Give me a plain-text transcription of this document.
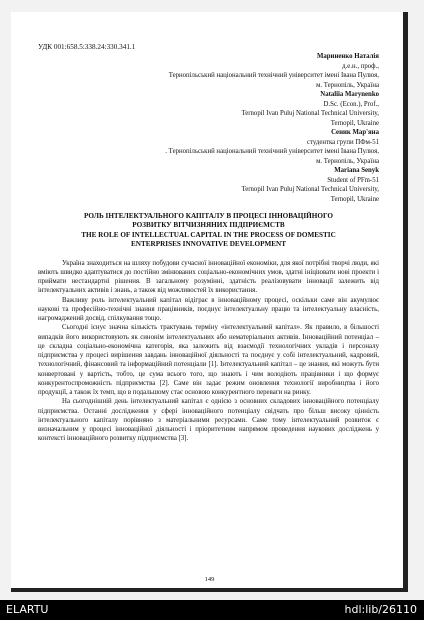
УДК 001:658.5:338.24:330.341.1
Мариненко Наталія
д.е.н., проф.,
Тернопільський національний технічний університет імені Івана Пулюя,
м. Тернопіль, Україна
Nataliia Marynenko
D.Sc. (Econ.), Prof.,
Ternopil Ivan Puluj National Technical University,
Ternopil, Ukraine
Сеник Мар'яна
студентка групи ПФм-51
. Тернопільський національний технічний університет імені Івана Пулюя,
м. Тернопіль, Україна
Mariana Senyk
Student of PFm-51
Ternopil Ivan Puluj National Technical University,
Ternopil, Ukraine
РОЛЬ ІНТЕЛЕКТУАЛЬНОГО КАПІТАЛУ В ПРОЦЕСІ ІННОВАЦІЙНОГО
РОЗВИТКУ ВІТЧИЗНЯНИХ ПІДПРИЄМСТВ
THE ROLE OF INTELLECTUAL CAPITAL IN THE PROCESS OF DOMESTIC
ENTERPRISES INNOVATIVE DEVELOPMENT

Україна знаходиться на шляху побудови сучасної інноваційної економіки, для якої потрібні творчі люди, які вміють швидко адаптуватися до постійно змінюваних соціально-економічних умов, здатні ініціювати нові проекти і приймати нестандартні рішення. В загальному розумінні, здатність реалізовувати інновації залежить від інтелектуальних активів і знань, а також від можливостей їх використання.

Важливу роль інтелектуальний капітал відіграє в інноваційному процесі, оскільки саме він акумулює наукові та професійно-технічні знання працівників, поєднує інтелектуальну працю та інтелектуальну власність, нагромаджений досвід, спілкування тощо.

Сьогодні існує значна кількість трактувань терміну «інтелектуальний капітал». Як правило, в більшості випадків його використовують як синонім інтелектуальних або нематеріальних активів. Інноваційний потенціал – це складна соціально-економічна категорія, яка залежить від взаємодії технологічних укладів і персоналу підприємства у процесі вирішення завдань інноваційної діяльності та поєднує у собі інтелектуальний, кадровий, технологічний, фінансовий та інформаційний потенціали [1]. Інтелектуальний капітал – це знання, які можуть бути конвертовані у вартість, тобто, це сума всього того, що знають і чим володіють працівники і що формує конкурентоспроможність підприємства [2]. Саме він задає режим оновлення технології виробництва і його продукції, а також їх темп, що в подальшому стає основою конкурентного переваги на ринку.

На сьогоднішній день інтелектуальний капітал є однією з основних складових інноваційного потенціалу підприємства. Останні дослідження у сфері інноваційного потенціалу свідчать про більш високу цінність інтелектуального капіталу порівняно з матеріальними ресурсами. Саме тому інтелектуальний розвиток є визначальним у процесі інноваційної діяльності і пріоритетним напрямом проведення наукових досліджень у контексті інноваційного розвитку підприємства [3].

149
ELARTU	hdl:lib/26110
